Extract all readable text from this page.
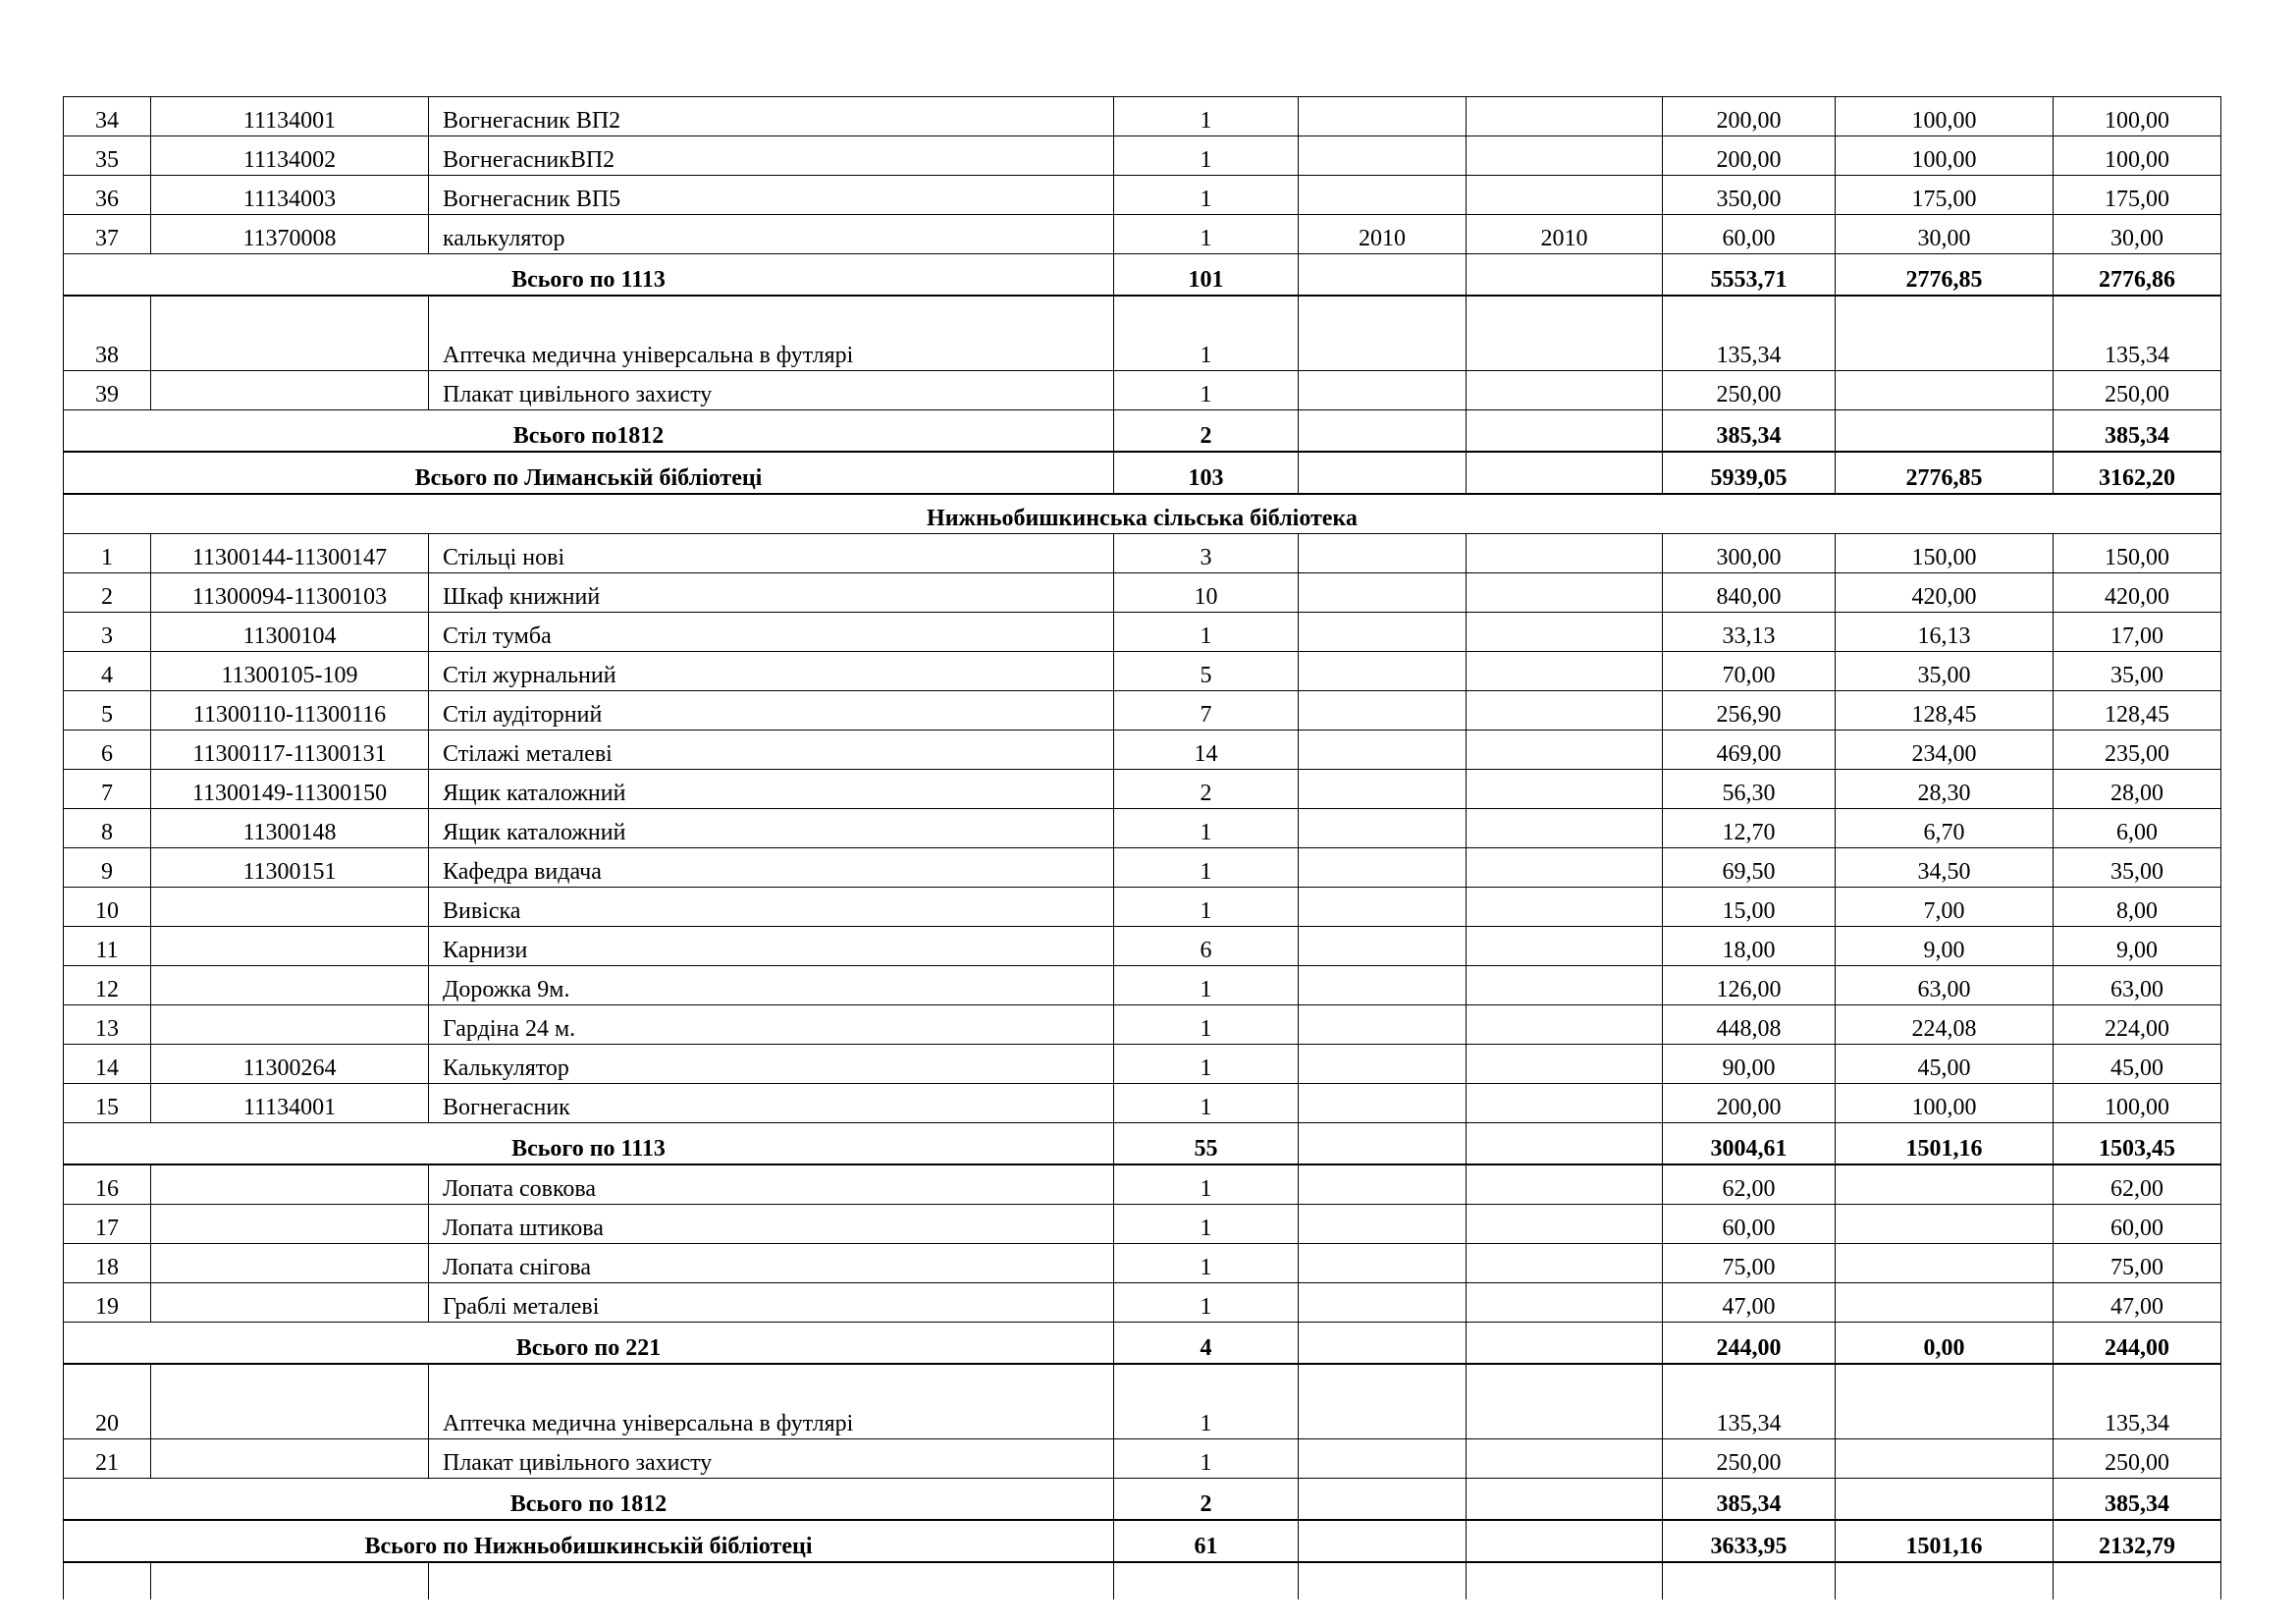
34	11134001	Вогнегасник ВП2	1			200,00	100,00	100,00
35	11134002	ВогнегасникВП2	1			200,00	100,00	100,00
36	11134003	Вогнегасник ВП5	1			350,00	175,00	175,00
37	11370008	калькулятор	1	2010	2010	60,00	30,00	30,00
Всього по 1113			101			5553,71	2776,85	2776,86
38		Аптечка медична універсальна в футлярі	1			135,34		135,34
39		Плакат цивільного захисту	1			250,00		250,00
Всього по1812			2			385,34		385,34
Всього по Лиманській бібліотеці			103			5939,05	2776,85	3162,20
Нижньобишкинська сільська бібліотека								
1	11300144-11300147	Стільці нові	3			300,00	150,00	150,00
2	11300094-11300103	Шкаф книжний	10			840,00	420,00	420,00
3	11300104	Стіл тумба	1			33,13	16,13	17,00
4	11300105-109	Стіл журнальний	5			70,00	35,00	35,00
5	11300110-11300116	Стіл аудіторний	7			256,90	128,45	128,45
6	11300117-11300131	Стілажі металеві	14			469,00	234,00	235,00
7	11300149-11300150	Ящик каталожний	2			56,30	28,30	28,00
8	11300148	Ящик каталожний	1			12,70	6,70	6,00
9	11300151	Кафедра видача	1			69,50	34,50	35,00
10		Вивіска	1			15,00	7,00	8,00
11		Карнизи	6			18,00	9,00	9,00
12		Дорожка 9м.	1			126,00	63,00	63,00
13		Гардіна 24 м.	1			448,08	224,08	224,00
14	11300264	Калькулятор	1			90,00	45,00	45,00
15	11134001	Вогнегасник	1			200,00	100,00	100,00
Всього по 1113			55			3004,61	1501,16	1503,45
16		Лопата совкова	1			62,00		62,00
17		Лопата штикова	1			60,00		60,00
18		Лопата снігова	1			75,00		75,00
19		Граблі металеві	1			47,00		47,00
Всього по 221			4			244,00	0,00	244,00
20		Аптечка медична універсальна в футлярі	1			135,34		135,34
21		Плакат цивільного захисту	1			250,00		250,00
Всього по 1812			2			385,34		385,34
Всього по Нижньобишкинській бібліотеці			61			3633,95	1501,16	2132,79
